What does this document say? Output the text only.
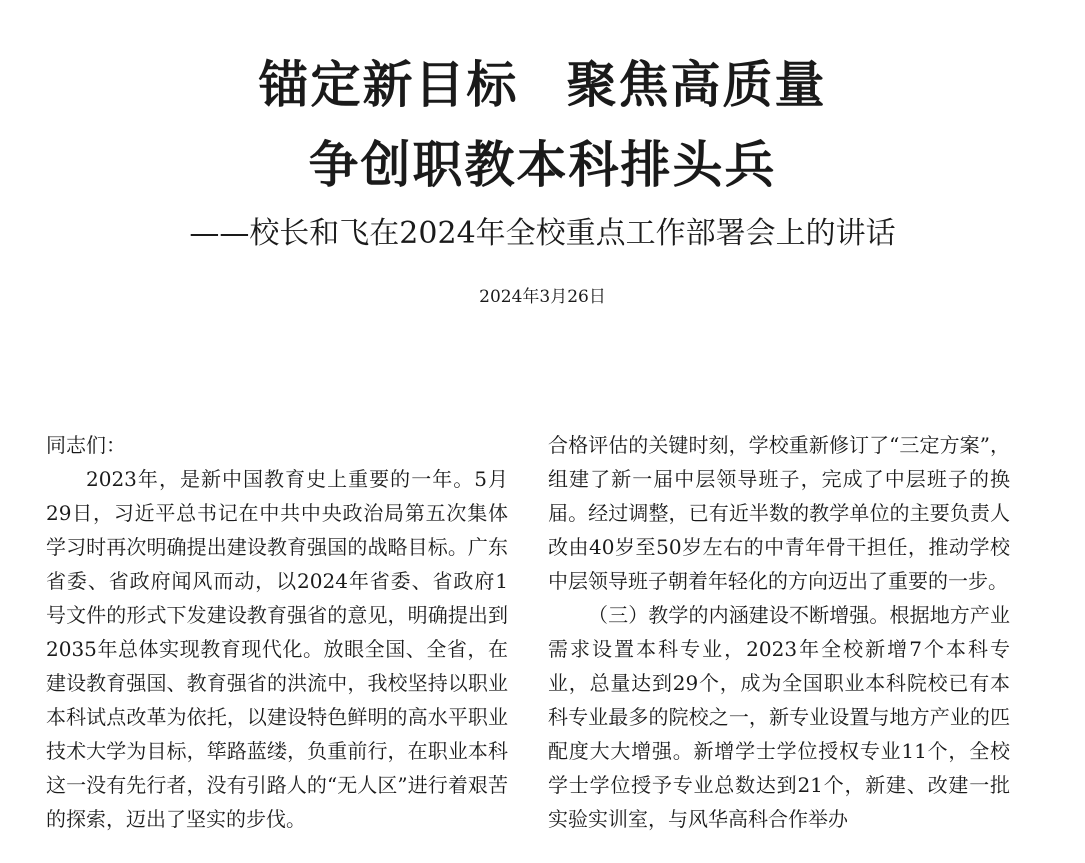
锚定新目标 聚焦高质量
争创职教本科排头兵
——校长和飞在2024年全校重点工作部署会上的讲话
2024年3月26日

同志们：

2023年，是新中国教育史上重要的一年。5月29日，习近平总书记在中共中央政治局第五次集体学习时再次明确提出建设教育强国的战略目标。广东省委、省政府闻风而动，以2024年省委、省政府1号文件的形式下发建设教育强省的意见，明确提出到2035年总体实现教育现代化。放眼全国、全省，在建设教育强国、教育强省的洪流中，我校坚持以职业本科试点改革为依托，以建设特色鲜明的高水平职业技术大学为目标，筚路蓝缕，负重前行，在职业本科这一没有先行者，没有引路人的“无人区”进行着艰苦的探索，迈出了坚实的步伐。

合格评估的关键时刻，学校重新修订了“三定方案”，组建了新一届中层领导班子，完成了中层班子的换届。经过调整，已有近半数的教学单位的主要负责人改由40岁至50岁左右的中青年骨干担任，推动学校中层领导班子朝着年轻化的方向迈出了重要的一步。

（三）教学的内涵建设不断增强。根据地方产业需求设置本科专业，2023年全校新增7个本科专业，总量达到29个，成为全国职业本科院校已有本科专业最多的院校之一，新专业设置与地方产业的匹配度大大增强。新增学士学位授权专业11个，全校学士学位授予专业总数达到21个，新建、改建一批实验实训室，与风华高科合作举办
